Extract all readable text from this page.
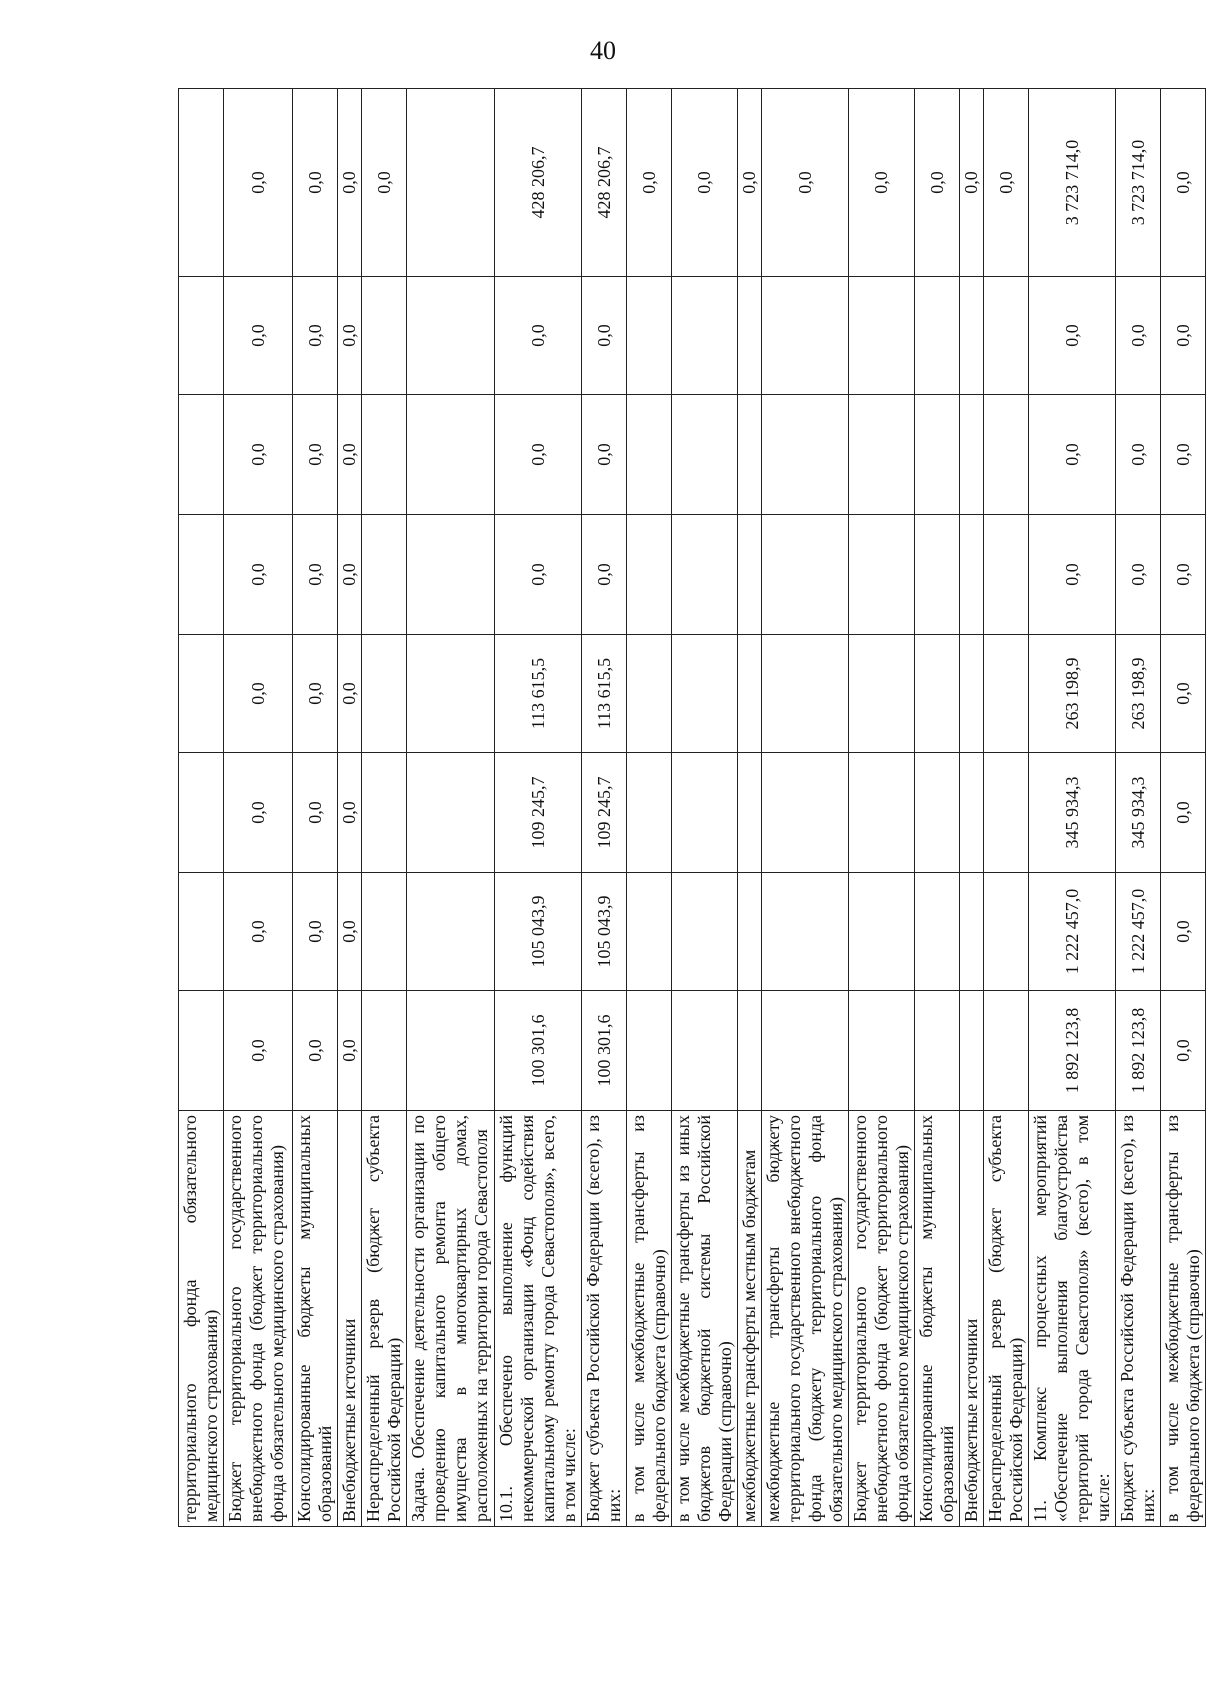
40
территориального фонда обязательного медицинского страхования)								
Бюджет территориального государственного внебюджетного фонда (бюджет территориального фонда обязательного медицинского страхования)	0,0	0,0	0,0	0,0	0,0	0,0	0,0	0,0
Консолидированные бюджеты муниципальных образований	0,0	0,0	0,0	0,0	0,0	0,0	0,0	0,0
Внебюджетные источники	0,0	0,0	0,0	0,0	0,0	0,0	0,0	0,0
Нераспределенный резерв (бюджет субъекта Российской Федерации)								0,0
Задача. Обеспечение деятельности организации по проведению капитального ремонта общего имущества в многоквартирных домах, расположенных на территории города Севастополя								
10.1. Обеспечено выполнение функций некоммерческой организации «Фонд содействия капитальному ремонту города Севастополя», всего, в том числе:	100 301,6	105 043,9	109 245,7	113 615,5	0,0	0,0	0,0	428 206,7
Бюджет субъекта Российской Федерации (всего), из них:	100 301,6	105 043,9	109 245,7	113 615,5	0,0	0,0	0,0	428 206,7
в том числе межбюджетные трансферты из федерального бюджета (справочно)								0,0
в том числе межбюджетные трансферты из иных бюджетов бюджетной системы Российской Федерации (справочно)								0,0
межбюджетные трансферты местным бюджетам								0,0
межбюджетные трансферты бюджету территориального государственного внебюджетного фонда (бюджету территориального фонда обязательного медицинского страхования)								0,0
Бюджет территориального государственного внебюджетного фонда (бюджет территориального фонда обязательного медицинского страхования)								0,0
Консолидированные бюджеты муниципальных образований								0,0
Внебюджетные источники								0,0
Нераспределенный резерв (бюджет субъекта Российской Федерации)								0,0
11. Комплекс процессных мероприятий «Обеспечение выполнения благоустройства территорий города Севастополя» (всего), в том числе:	1 892 123,8	1 222 457,0	345 934,3	263 198,9	0,0	0,0	0,0	3 723 714,0
Бюджет субъекта Российской Федерации (всего), из них:	1 892 123,8	1 222 457,0	345 934,3	263 198,9	0,0	0,0	0,0	3 723 714,0
в том числе межбюджетные трансферты из федерального бюджета (справочно)	0,0	0,0	0,0	0,0	0,0	0,0	0,0	0,0
